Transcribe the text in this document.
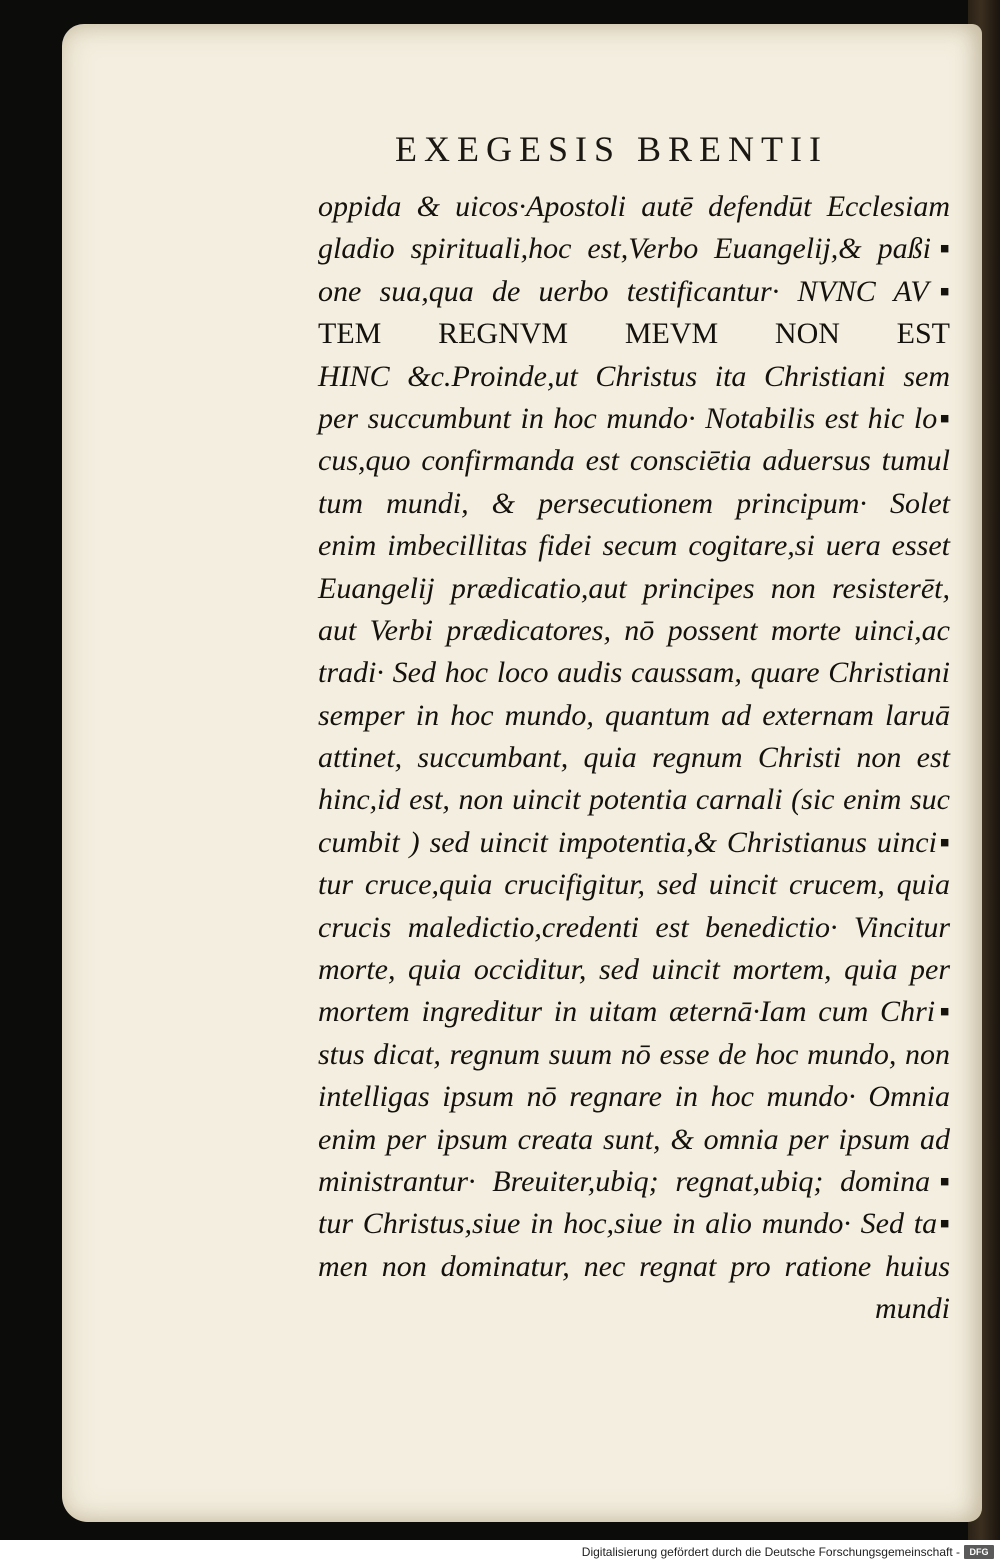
EXEGESIS BRENTII
oppida & uicos·Apostoli autē defendūt Ecclesiam
gladio spirituali,hoc est,Verbo Euangelij,& paßi▪
one sua,qua de uerbo testificantur· NVNC AV▪
TEM REGNVM MEVM NON EST
HINC &c.Proinde,ut Christus ita Christiani sem
per succumbunt in hoc mundo· Notabilis est hic lo▪
cus,quo confirmanda est consciētia aduersus tumul
tum mundi, & persecutionem principum· Solet
enim imbecillitas fidei secum cogitare,si uera esset
Euangelij prædicatio,aut principes non resisterēt,
aut Verbi prædicatores, nō possent morte uinci,ac
tradi· Sed hoc loco audis caussam, quare Christiani
semper in hoc mundo, quantum ad externam laruā
attinet, succumbant, quia regnum Christi non est
hinc,id est, non uincit potentia carnali (sic enim suc
cumbit ) sed uincit impotentia,& Christianus uinci▪
tur cruce,quia crucifigitur, sed uincit crucem, quia
crucis maledictio,credenti est benedictio· Vincitur
morte, quia occiditur, sed uincit mortem, quia per
mortem ingreditur in uitam æternā·Iam cum Chri▪
stus dicat, regnum suum nō esse de hoc mundo, non
intelligas ipsum nō regnare in hoc mundo· Omnia
enim per ipsum creata sunt, & omnia per ipsum ad
ministrantur· Breuiter,ubiq; regnat,ubiq; domina▪
tur Christus,siue in hoc,siue in alio mundo· Sed ta▪
men non dominatur, nec regnat pro ratione huius
mundi
Digitalisierung gefördert durch die Deutsche Forschungsgemeinschaft -	DFG
